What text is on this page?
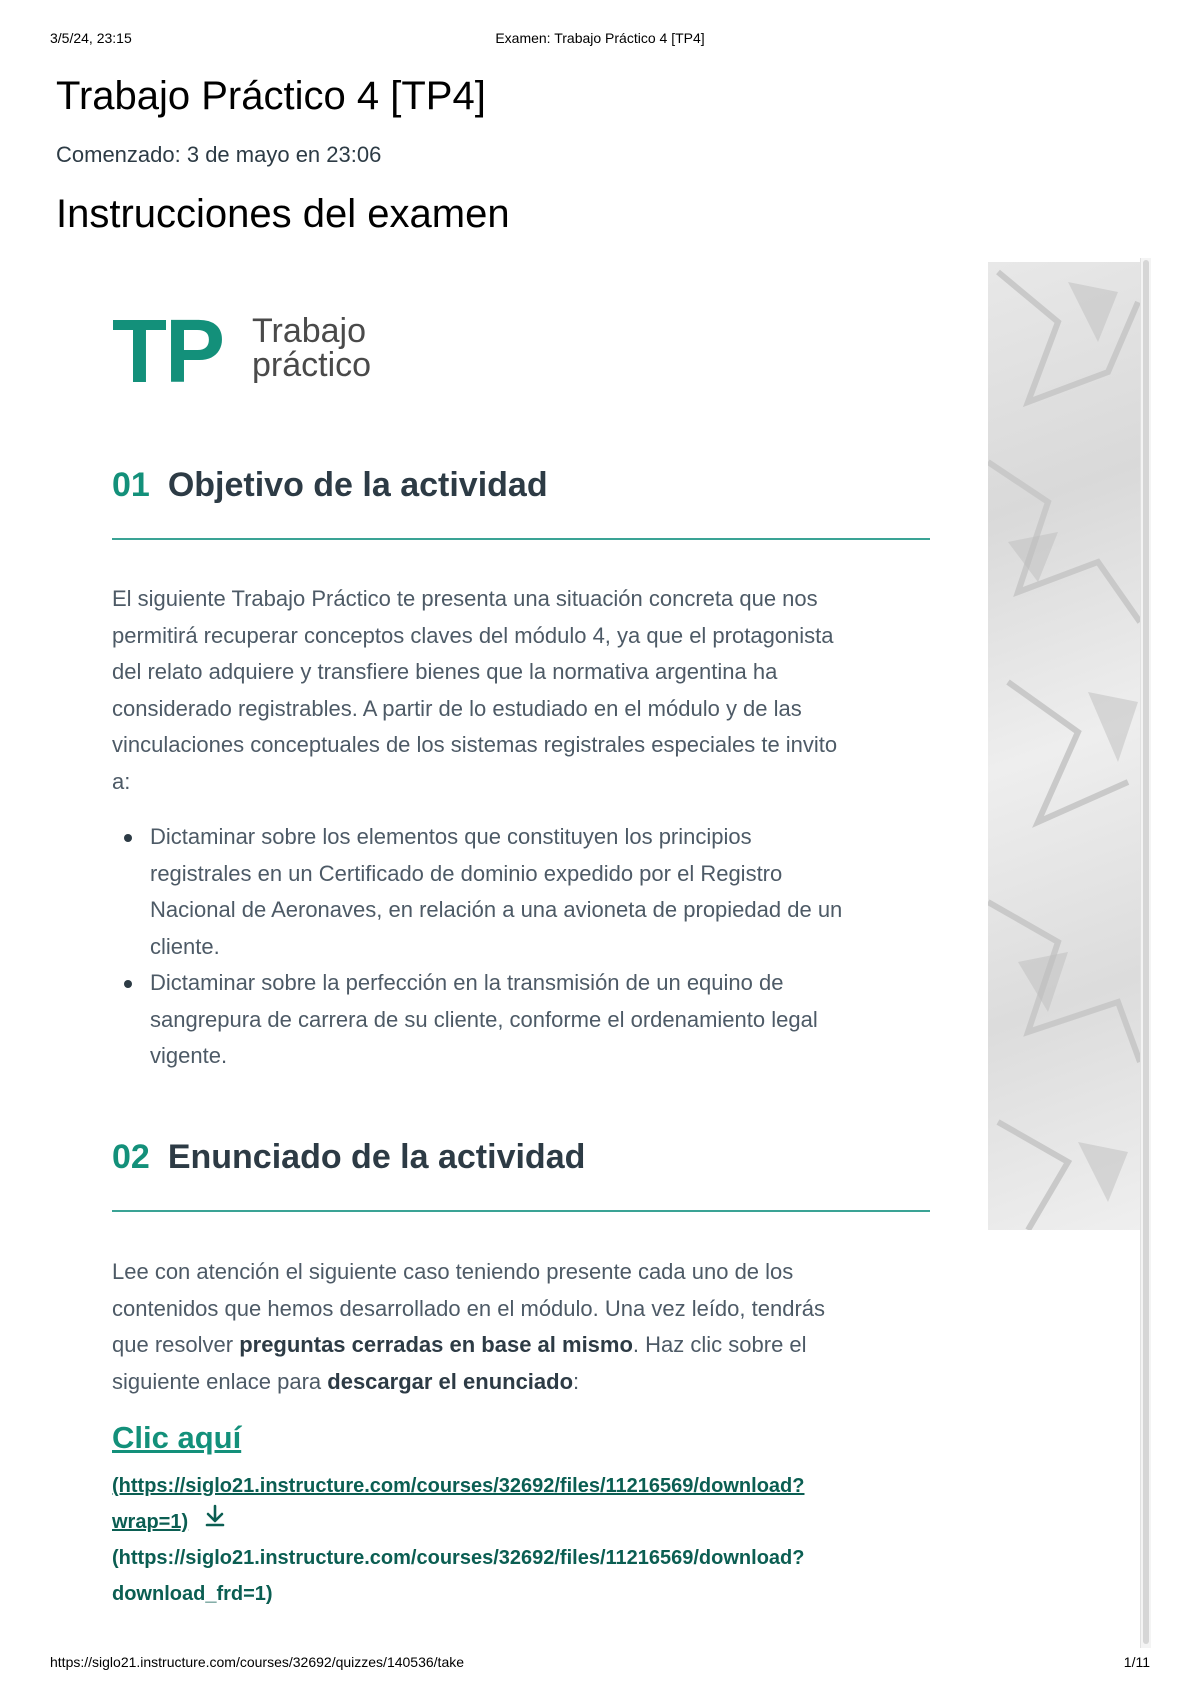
3/5/24, 23:15	Examen: Trabajo Práctico 4 [TP4]
Trabajo Práctico 4 [TP4]
Comenzado: 3 de mayo en 23:06
Instrucciones del examen
TP Trabajo
práctico
01 Objetivo de la actividad

El siguiente Trabajo Práctico te presenta una situación concreta que nos
permitirá recuperar conceptos claves del módulo 4, ya que el protagonista
del relato adquiere y transfiere bienes que la normativa argentina ha
considerado registrables. A partir de lo estudiado en el módulo y de las
vinculaciones conceptuales de los sistemas registrales especiales te invito
a:

Dictaminar sobre los elementos que constituyen los principios
registrales en un Certificado de dominio expedido por el Registro
Nacional de Aeronaves, en relación a una avioneta de propiedad de un
cliente.
Dictaminar sobre la perfección en la transmisión de un equino de
sangrepura de carrera de su cliente, conforme el ordenamiento legal
vigente.
02 Enunciado de la actividad

Lee con atención el siguiente caso teniendo presente cada uno de los
contenidos que hemos desarrollado en el módulo. Una vez leído, tendrás
que resolver preguntas cerradas en base al mismo. Haz clic sobre el
siguiente enlace para descargar el enunciado:

Clic aquí
(https://siglo21.instructure.com/courses/32692/files/11216569/download?
wrap=1)
(https://siglo21.instructure.com/courses/32692/files/11216569/download?
download_frd=1)
https://siglo21.instructure.com/courses/32692/quizzes/140536/take	1/11
